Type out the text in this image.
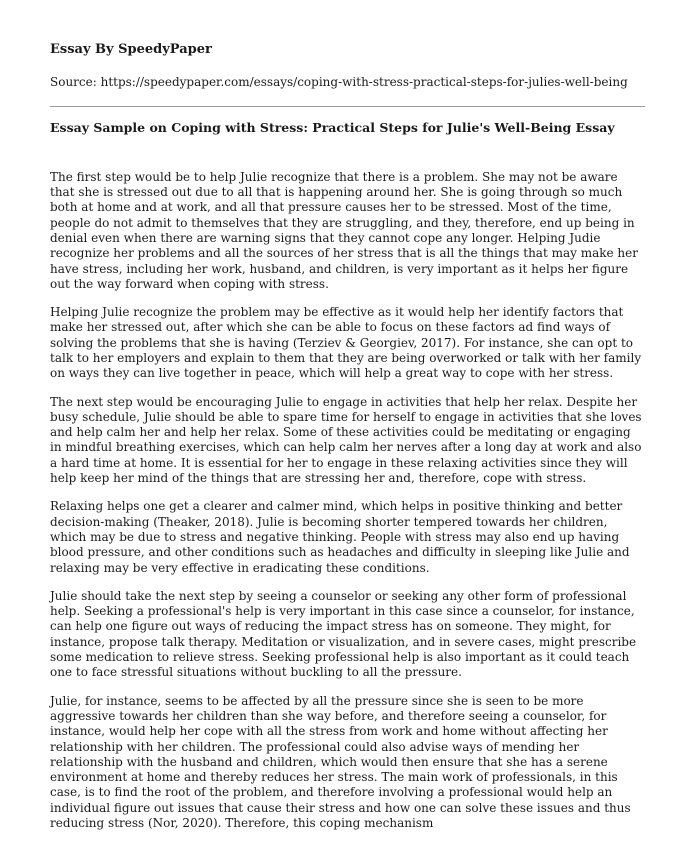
Essay By SpeedyPaper
Source: https://speedypaper.com/essays/coping-with-stress-practical-steps-for-julies-well-being
Essay Sample on Coping with Stress: Practical Steps for Julie's Well-Being Essay

The first step would be to help Julie recognize that there is a problem. She may not be aware that she is stressed out due to all that is happening around her. She is going through so much both at home and at work, and all that pressure causes her to be stressed. Most of the time, people do not admit to themselves that they are struggling, and they, therefore, end up being in denial even when there are warning signs that they cannot cope any longer. Helping Judie recognize her problems and all the sources of her stress that is all the things that may make her have stress, including her work, husband, and children, is very important as it helps her figure out the way forward when coping with stress.

Helping Julie recognize the problem may be effective as it would help her identify factors that make her stressed out, after which she can be able to focus on these factors ad find ways of solving the problems that she is having (Terziev & Georgiev, 2017). For instance, she can opt to talk to her employers and explain to them that they are being overworked or talk with her family on ways they can live together in peace, which will help a great way to cope with her stress.

The next step would be encouraging Julie to engage in activities that help her relax. Despite her busy schedule, Julie should be able to spare time for herself to engage in activities that she loves and help calm her and help her relax. Some of these activities could be meditating or engaging in mindful breathing exercises, which can help calm her nerves after a long day at work and also a hard time at home. It is essential for her to engage in these relaxing activities since they will help keep her mind of the things that are stressing her and, therefore, cope with stress.

Relaxing helps one get a clearer and calmer mind, which helps in positive thinking and better decision-making (Theaker, 2018). Julie is becoming shorter tempered towards her children, which may be due to stress and negative thinking. People with stress may also end up having blood pressure, and other conditions such as headaches and difficulty in sleeping like Julie and relaxing may be very effective in eradicating these conditions.

Julie should take the next step by seeing a counselor or seeking any other form of professional help. Seeking a professional's help is very important in this case since a counselor, for instance, can help one figure out ways of reducing the impact stress has on someone. They might, for instance, propose talk therapy. Meditation or visualization, and in severe cases, might prescribe some medication to relieve stress. Seeking professional help is also important as it could teach one to face stressful situations without buckling to all the pressure.

Julie, for instance, seems to be affected by all the pressure since she is seen to be more aggressive towards her children than she way before, and therefore seeing a counselor, for instance, would help her cope with all the stress from work and home without affecting her relationship with her children. The professional could also advise ways of mending her relationship with the husband and children, which would then ensure that she has a serene environment at home and thereby reduces her stress. The main work of professionals, in this case, is to find the root of the problem, and therefore involving a professional would help an individual figure out issues that cause their stress and how one can solve these issues and thus reducing stress (Nor, 2020). Therefore, this coping mechanism
